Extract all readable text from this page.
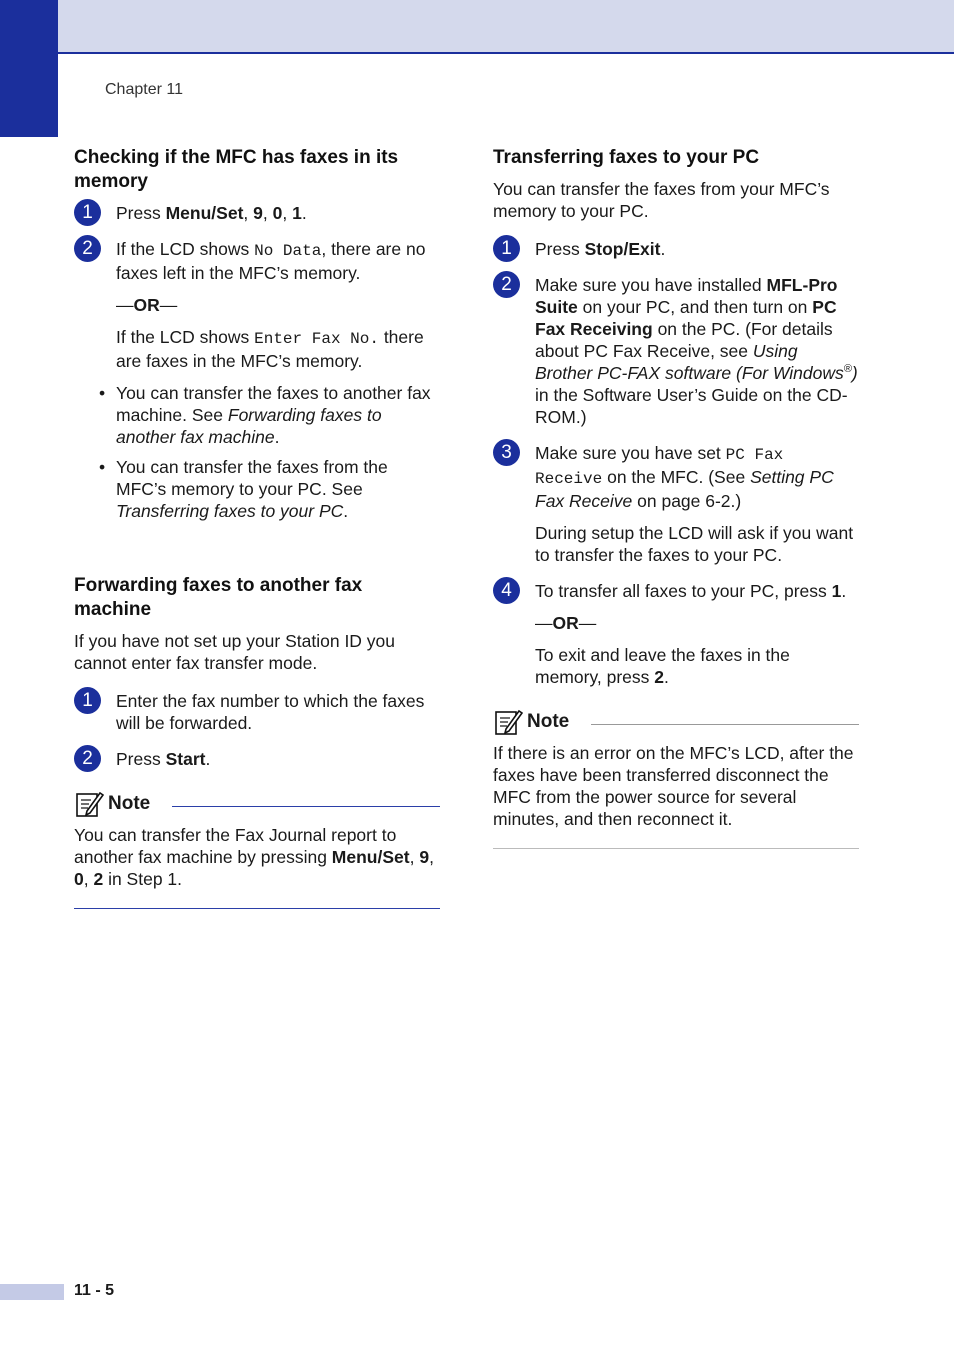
Chapter 11
Checking if the MFC has faxes in its memory
1	Press Menu/Set, 9, 0, 1.

2	If the LCD shows No Data, there are no faxes left in the MFC’s memory.

—OR—

If the LCD shows Enter Fax No. there are faxes in the MFC’s memory.

• You can transfer the faxes to another fax machine. See Forwarding faxes to another fax machine.
• You can transfer the faxes from the MFC’s memory to your PC. See Transferring faxes to your PC.
Forwarding faxes to another fax machine

If you have not set up your Station ID you cannot enter fax transfer mode.

1	Enter the fax number to which the faxes will be forwarded.

2	Press Start.

Note

You can transfer the Fax Journal report to another fax machine by pressing Menu/Set, 9, 0, 2 in Step 1.

Transferring faxes to your PC

You can transfer the faxes from your MFC’s memory to your PC.

1	Press Stop/Exit.

2	Make sure you have installed MFL-Pro Suite on your PC, and then turn on PC Fax Receiving on the PC. (For details about PC Fax Receive, see Using Brother PC-FAX software (For Windows®) in the Software User’s Guide on the CD-ROM.)

3	Make sure you have set PC Fax Receive on the MFC. (See Setting PC Fax Receive on page 6-2.)

During setup the LCD will ask if you want to transfer the faxes to your PC.

4	To transfer all faxes to your PC, press 1.

—OR—

To exit and leave the faxes in the memory, press 2.

Note

If there is an error on the MFC’s LCD, after the faxes have been transferred disconnect the MFC from the power source for several minutes, and then reconnect it.

11 - 5
